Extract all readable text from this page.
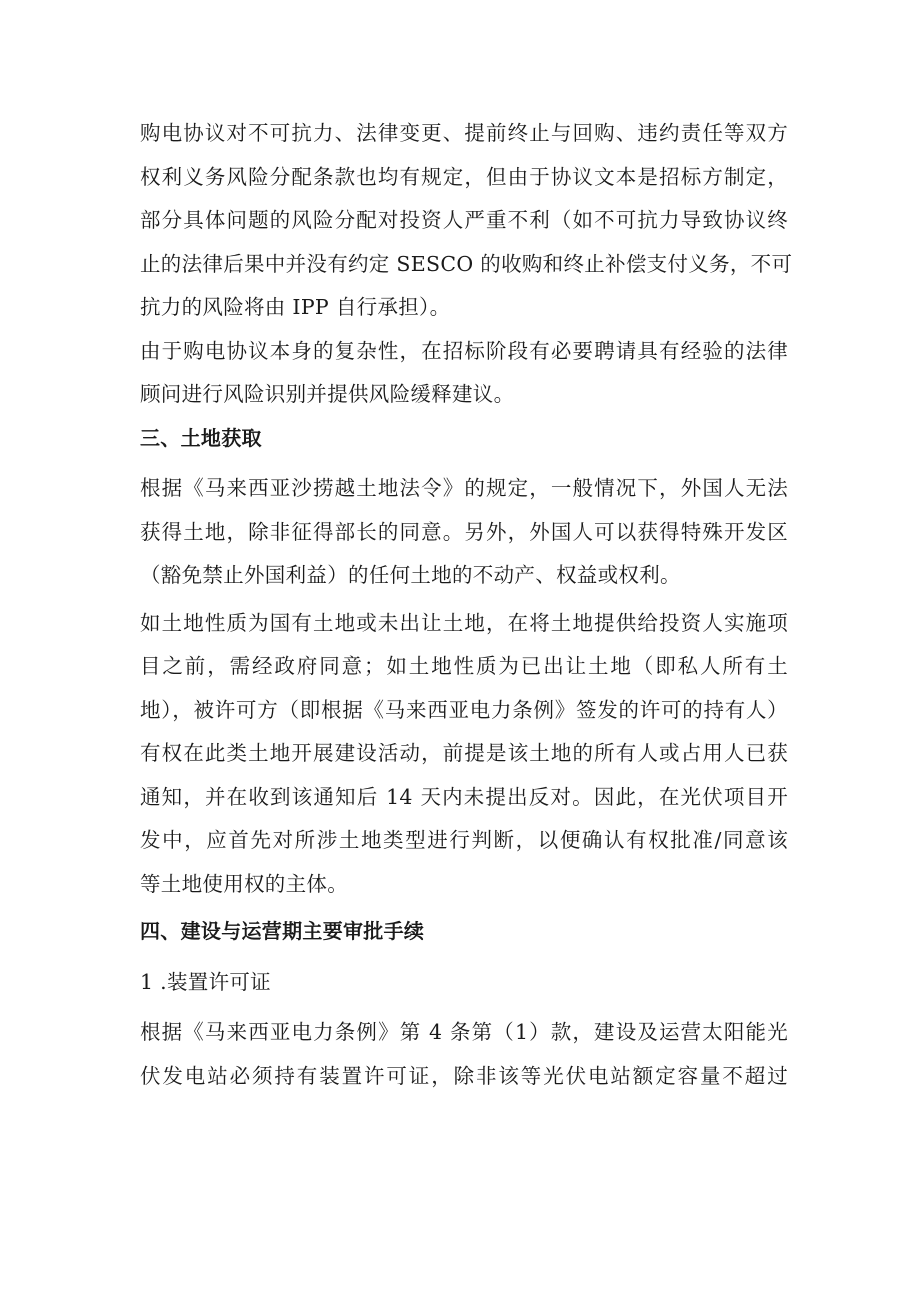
购电协议对不可抗力、法律变更、提前终止与回购、违约责任等双方
权利义务风险分配条款也均有规定，但由于协议文本是招标方制定，
部分具体问题的风险分配对投资人严重不利（如不可抗力导致协议终
止的法律后果中并没有约定 SESCO 的收购和终止补偿支付义务，不可
抗力的风险将由 IPP 自行承担）。
由于购电协议本身的复杂性，在招标阶段有必要聘请具有经验的法律
顾问进行风险识别并提供风险缓释建议。
三、土地获取
根据《马来西亚沙捞越土地法令》的规定，一般情况下，外国人无法
获得土地，除非征得部长的同意。另外，外国人可以获得特殊开发区
（豁免禁止外国利益）的任何土地的不动产、权益或权利。
如土地性质为国有土地或未出让土地，在将土地提供给投资人实施项
目之前，需经政府同意；如土地性质为已出让土地（即私人所有土
地），被许可方（即根据《马来西亚电力条例》签发的许可的持有人）
有权在此类土地开展建设活动，前提是该土地的所有人或占用人已获
通知，并在收到该通知后 14 天内未提出反对。因此，在光伏项目开
发中，应首先对所涉土地类型进行判断，以便确认有权批准/同意该
等土地使用权的主体。
四、建设与运营期主要审批手续
1 .装置许可证
根据《马来西亚电力条例》第 4 条第（1）款，建设及运营太阳能光
伏发电站必须持有装置许可证，除非该等光伏电站额定容量不超过
